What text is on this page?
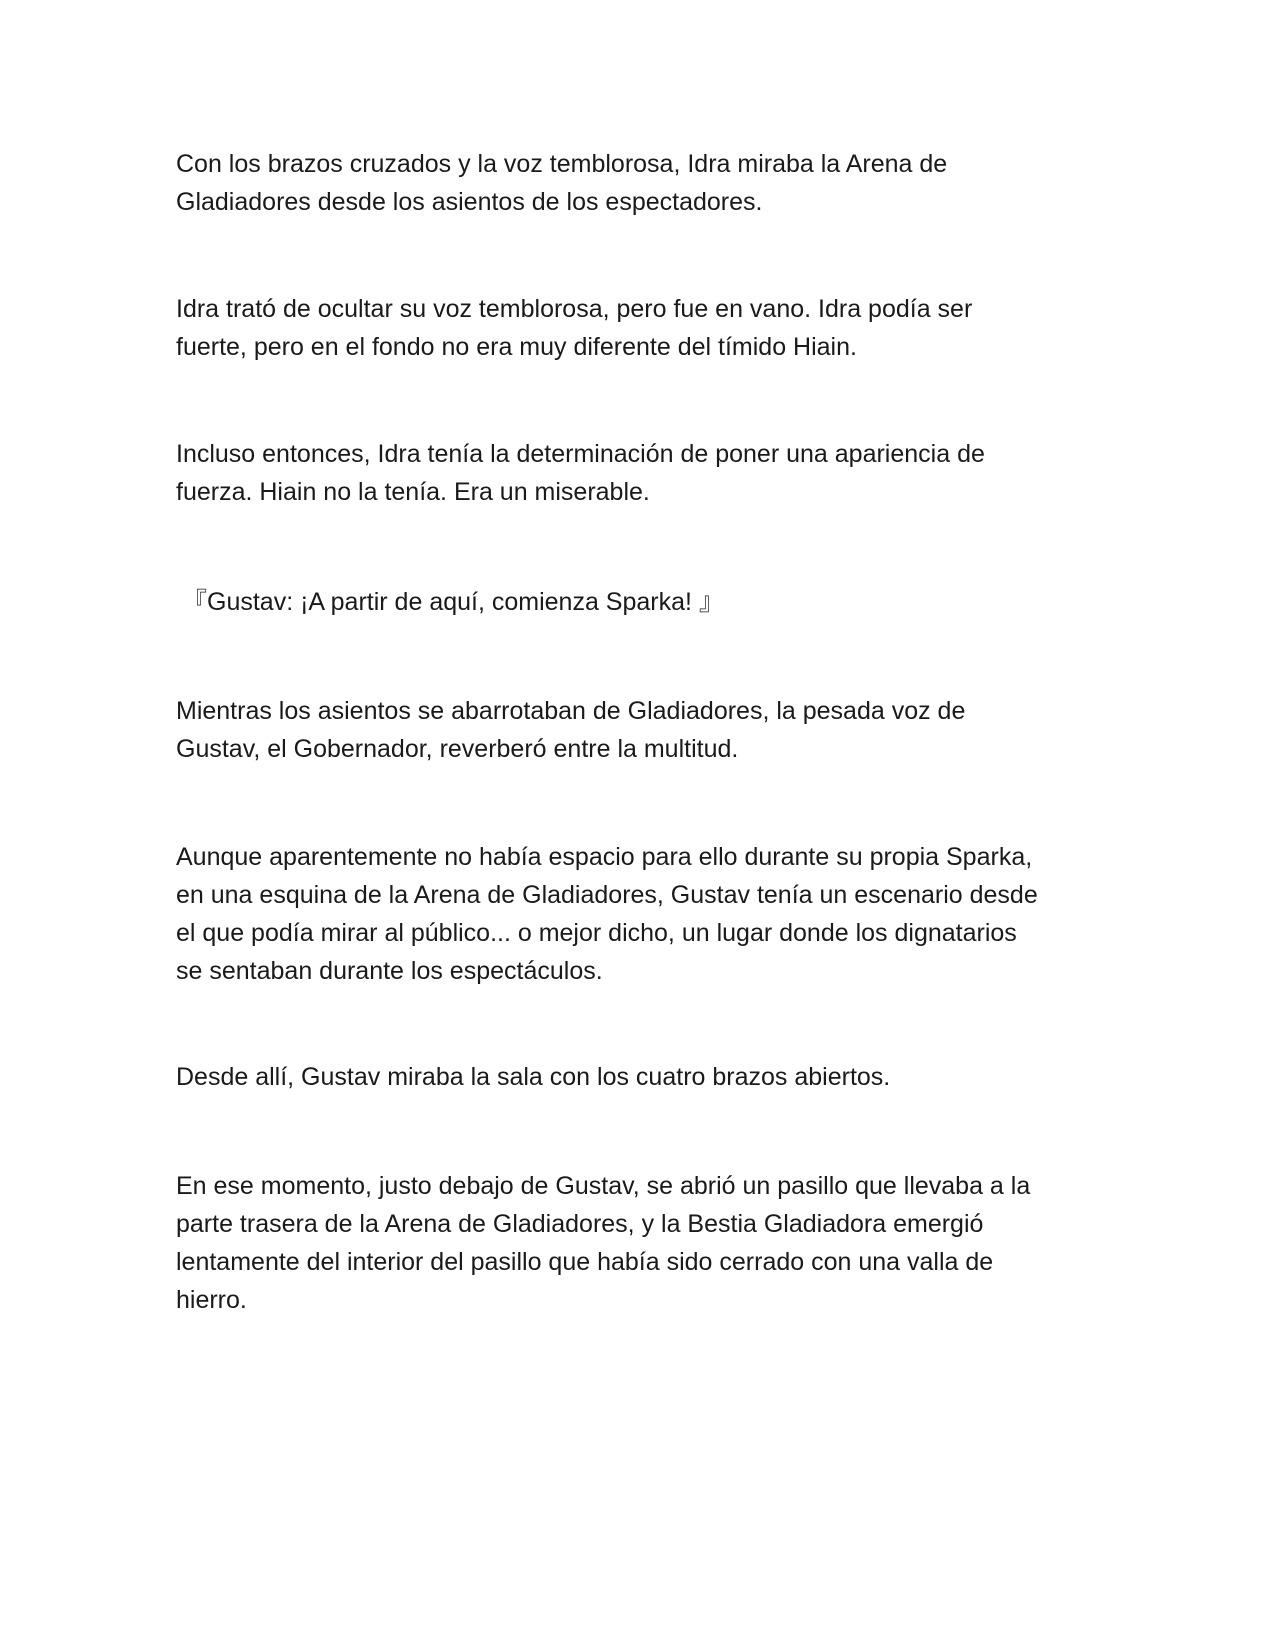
Con los brazos cruzados y la voz temblorosa, Idra miraba la Arena de
Gladiadores desde los asientos de los espectadores.

Idra trató de ocultar su voz temblorosa, pero fue en vano. Idra podía ser
fuerte, pero en el fondo no era muy diferente del tímido Hiain.

Incluso entonces, Idra tenía la determinación de poner una apariencia de
fuerza. Hiain no la tenía. Era un miserable.

『Gustav: ¡A partir de aquí, comienza Sparka! 』

Mientras los asientos se abarrotaban de Gladiadores, la pesada voz de
Gustav, el Gobernador, reverberó entre la multitud.

Aunque aparentemente no había espacio para ello durante su propia Sparka,
en una esquina de la Arena de Gladiadores, Gustav tenía un escenario desde
el que podía mirar al público... o mejor dicho, un lugar donde los dignatarios
se sentaban durante los espectáculos.

Desde allí, Gustav miraba la sala con los cuatro brazos abiertos.

En ese momento, justo debajo de Gustav, se abrió un pasillo que llevaba a la
parte trasera de la Arena de Gladiadores, y la Bestia Gladiadora emergió
lentamente del interior del pasillo que había sido cerrado con una valla de
hierro.
